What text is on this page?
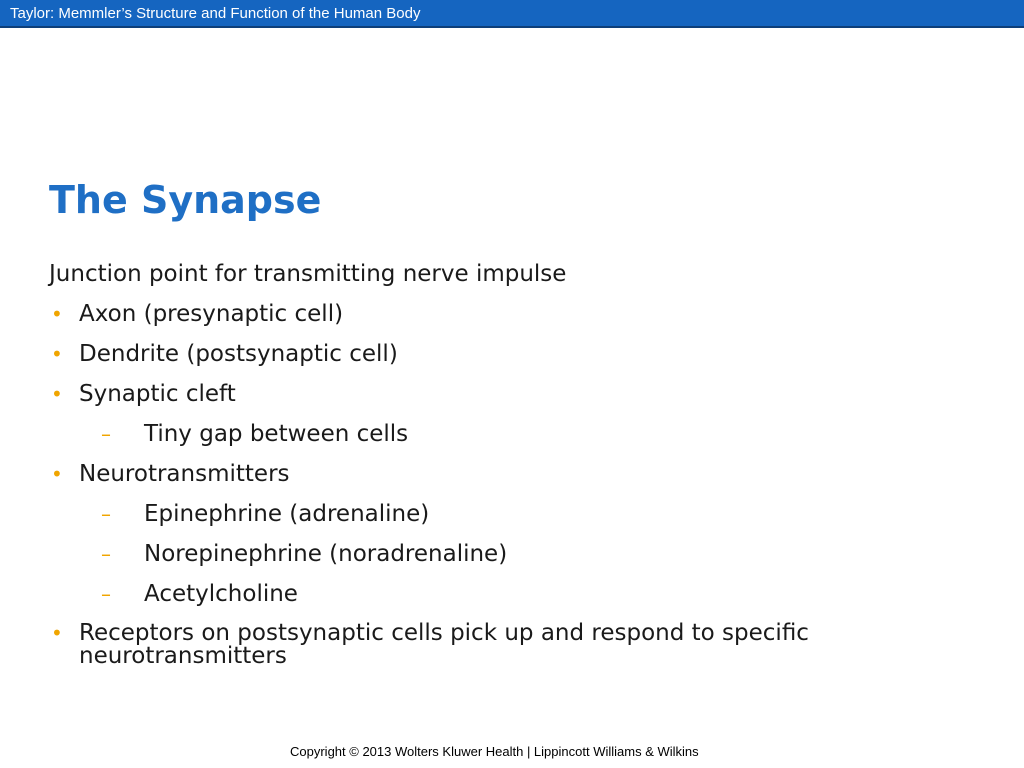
Taylor: Memmler’s Structure and Function of the Human Body
The Synapse
Junction point for transmitting nerve impulse
• Axon (presynaptic cell)
• Dendrite (postsynaptic cell)
• Synaptic cleft
– Tiny gap between cells
• Neurotransmitters
– Epinephrine (adrenaline)
– Norepinephrine (noradrenaline)
– Acetylcholine
• Receptors on postsynaptic cells pick up and respond to specific neurotransmitters
Copyright © 2013 Wolters Kluwer Health | Lippincott Williams & Wilkins
